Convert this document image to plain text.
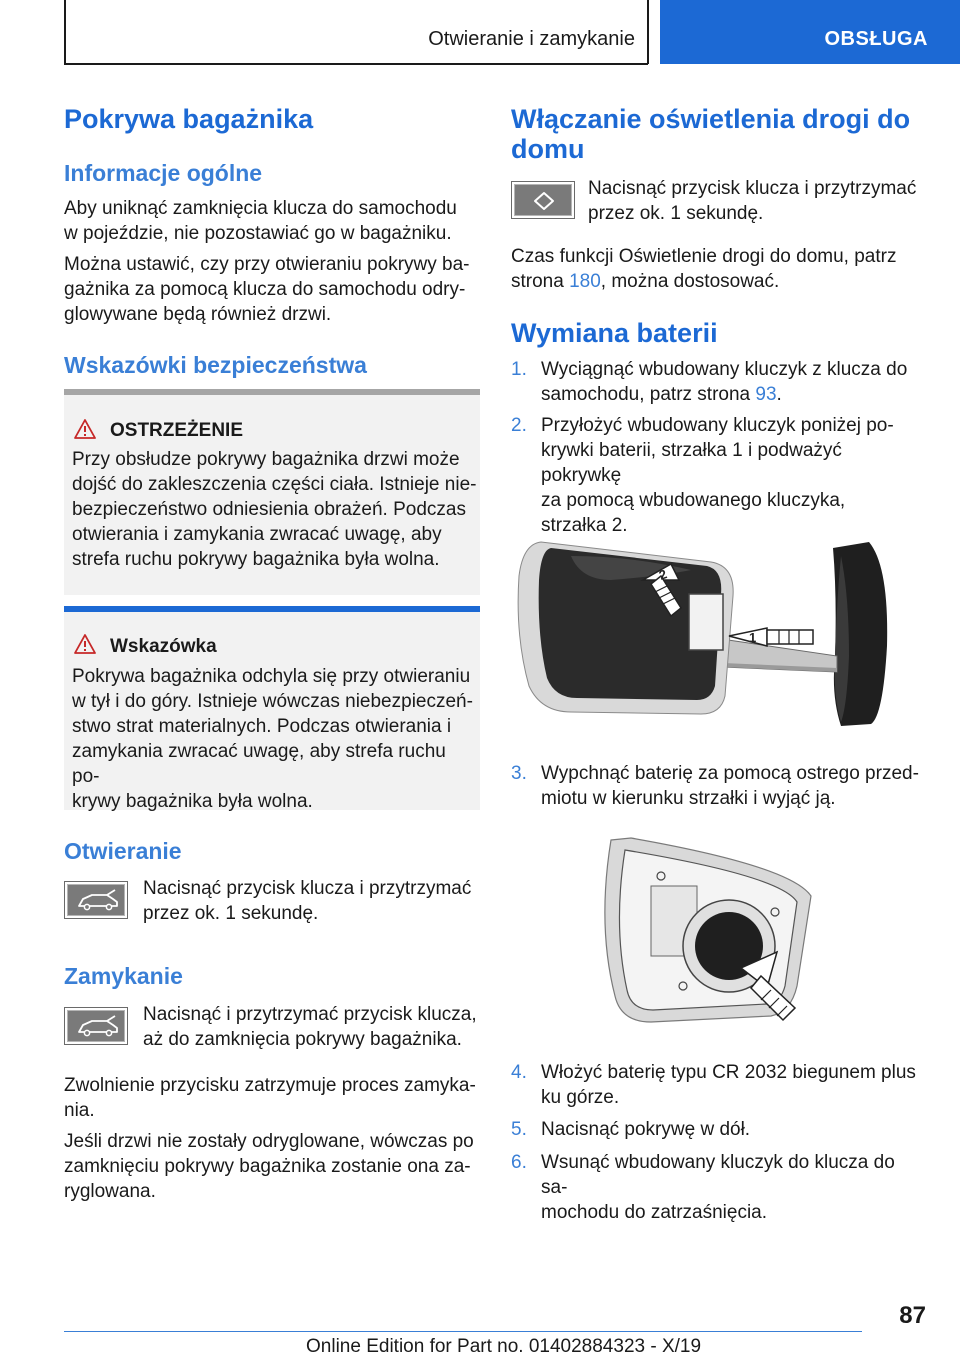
Otwieranie i zamykanie	OBSŁUGA
Pokrywa bagażnika
Informacje ogólne

Aby uniknąć zamknięcia klucza do samochodu
w pojeździe, nie pozostawiać go w bagażniku.

Można ustawić, czy przy otwieraniu pokrywy ba-
gażnika za pomocą klucza do samochodu odry-
glowywane będą również drzwi.

Wskazówki bezpieczeństwa
OSTRZEŻENIE

Przy obsłudze pokrywy bagażnika drzwi może
dojść do zakleszczenia części ciała. Istnieje nie-
bezpieczeństwo odniesienia obrażeń. Podczas
otwierania i zamykania zwracać uwagę, aby
strefa ruchu pokrywy bagażnika była wolna.

Wskazówka

Pokrywa bagażnika odchyla się przy otwieraniu
w tył i do góry. Istnieje wówczas niebezpieczeń-
stwo strat materialnych. Podczas otwierania i
zamykania zwracać uwagę, aby strefa ruchu po-
krywy bagażnika była wolna.

Otwieranie

Nacisnąć przycisk klucza i przytrzymać
przez ok. 1 sekundę.

Zamykanie

Nacisnąć i przytrzymać przycisk klucza,
aż do zamknięcia pokrywy bagażnika.

Zwolnienie przycisku zatrzymuje proces zamyka-
nia.

Jeśli drzwi nie zostały odryglowane, wówczas po
zamknięciu pokrywy bagażnika zostanie ona za-
ryglowana.

Włączanie oświetlenia drogi do
domu

Nacisnąć przycisk klucza i przytrzymać
przez ok. 1 sekundę.

Czas funkcji Oświetlenie drogi do domu, patrz
strona 180, można dostosować.

Wymiana baterii
1. Wyciągnąć wbudowany kluczyk z klucza do
samochodu, patrz strona 93.

2. Przyłożyć wbudowany kluczyk poniżej po-
krywki baterii, strzałka 1 i podważyć pokrywkę
za pomocą wbudowanego kluczyka,
strzałka 2.

2
1
3. Wypchnąć baterię za pomocą ostrego przed-
miotu w kierunku strzałki i wyjąć ją.

4. Włożyć baterię typu CR 2032 biegunem plus
ku górze.

5. Nacisnąć pokrywę w dół.

6. Wsunąć wbudowany kluczyk do klucza do sa-
mochodu do zatrzaśnięcia.

87
Online Edition for Part no. 01402884323 - X/19
